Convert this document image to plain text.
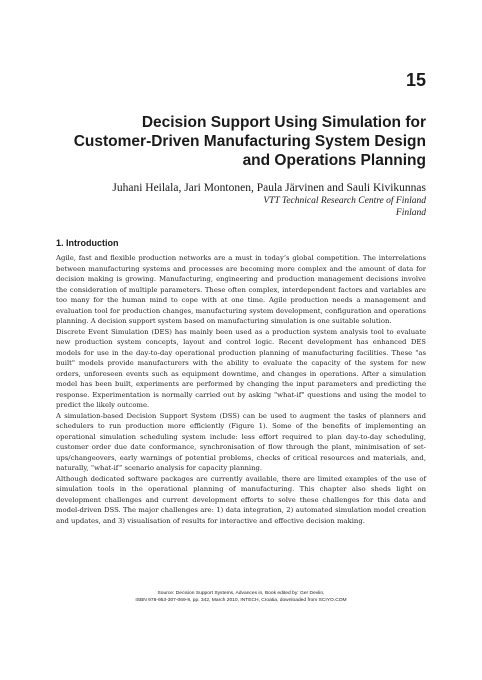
15
Decision Support Using Simulation for
Customer-Driven Manufacturing System Design
and Operations Planning
Juhani Heilala, Jari Montonen, Paula Järvinen and Sauli Kivikunnas
VTT Technical Research Centre of Finland
Finland
1. Introduction

Agile, fast and flexible production networks are a must in today’s global competition. The interrelations between manufacturing systems and processes are becoming more complex and the amount of data for decision making is growing. Manufacturing, engineering and production management decisions involve the consideration of multiple parameters. These often complex, interdependent factors and variables are too many for the human mind to cope with at one time. Agile production needs a management and evaluation tool for production changes, manufacturing system development, configuration and operations planning. A decision support system based on manufacturing simulation is one suitable solution.

Discrete Event Simulation (DES) has mainly been used as a production system analysis tool to evaluate new production system concepts, layout and control logic. Recent development has enhanced DES models for use in the day-to-day operational production planning of manufacturing facilities. These "as built" models provide manufacturers with the ability to evaluate the capacity of the system for new orders, unforeseen events such as equipment downtime, and changes in operations. After a simulation model has been built, experiments are performed by changing the input parameters and predicting the response. Experimentation is normally carried out by asking "what-if" questions and using the model to predict the likely outcome.

A simulation-based Decision Support System (DSS) can be used to augment the tasks of planners and schedulers to run production more efficiently (Figure 1). Some of the benefits of implementing an operational simulation scheduling system include: less effort required to plan day-to-day scheduling, customer order due date conformance, synchronisation of flow through the plant, minimisation of set-ups/changeovers, early warnings of potential problems, checks of critical resources and materials, and, naturally, “what-if” scenario analysis for capacity planning.

Although dedicated software packages are currently available, there are limited examples of the use of simulation tools in the operational planning of manufacturing. This chapter also sheds light on development challenges and current development efforts to solve these challenges for this data and model-driven DSS. The major challenges are: 1) data integration, 2) automated simulation model creation and updates, and 3) visualisation of results for interactive and effective decision making.

Source: Decision Support Systems, Advances in, Book edited by: Ger Devlin,
ISBN 978-953-307-069-8, pp. 342, March 2010, INTECH, Croatia, downloaded from SCIYO.COM
